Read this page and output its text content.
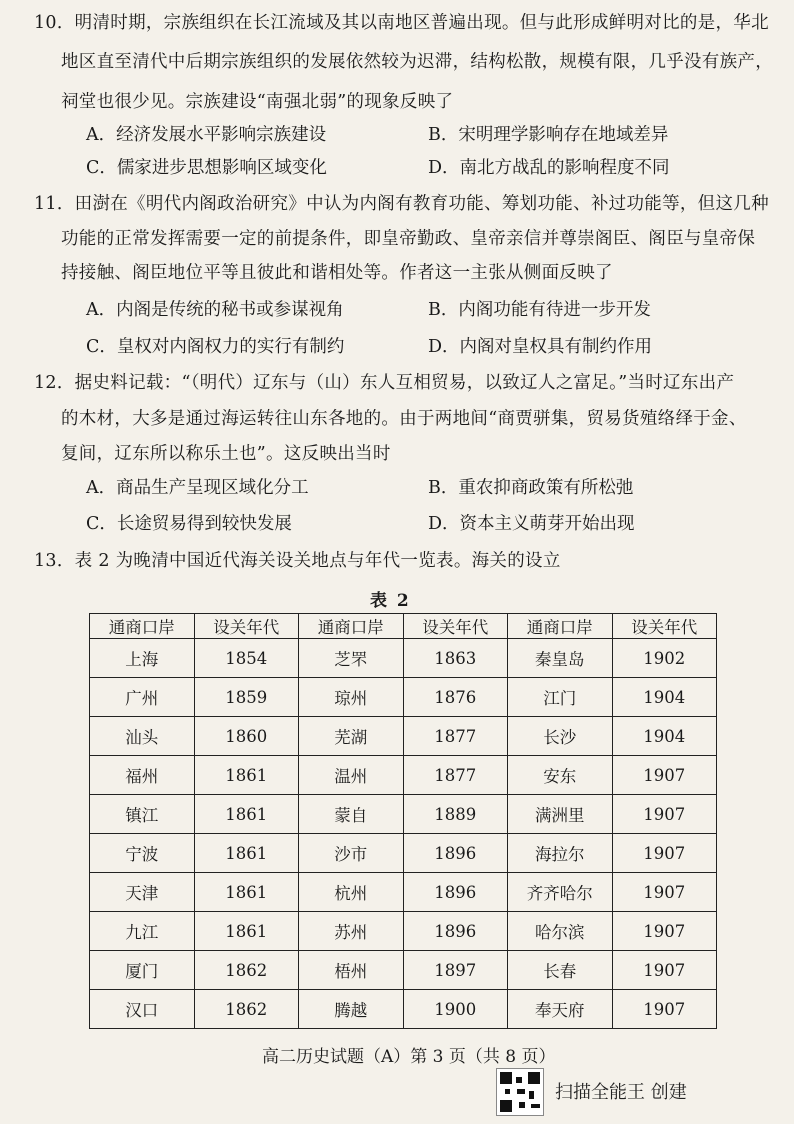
10．明清时期，宗族组织在长江流域及其以南地区普遍出现。但与此形成鲜明对比的是，华北
地区直至清代中后期宗族组织的发展依然较为迟滞，结构松散，规模有限，几乎没有族产，
祠堂也很少见。宗族建设“南强北弱”的现象反映了
A．经济发展水平影响宗族建设	B．宋明理学影响存在地域差异
C．儒家进步思想影响区域变化	D．南北方战乱的影响程度不同
11．田澍在《明代内阁政治研究》中认为内阁有教育功能、筹划功能、补过功能等，但这几种
功能的正常发挥需要一定的前提条件，即皇帝勤政、皇帝亲信并尊崇阁臣、阁臣与皇帝保
持接触、阁臣地位平等且彼此和谐相处等。作者这一主张从侧面反映了
A．内阁是传统的秘书或参谋视角	B．内阁功能有待进一步开发
C．皇权对内阁权力的实行有制约	D．内阁对皇权具有制约作用
12．据史料记载：“（明代）辽东与（山）东人互相贸易，以致辽人之富足。”当时辽东出产
的木材，大多是通过海运转往山东各地的。由于两地间“商贾骈集，贸易货殖络绎于金、
复间，辽东所以称乐土也”。这反映出当时
A．商品生产呈现区域化分工	B．重农抑商政策有所松弛
C．长途贸易得到较快发展	D．资本主义萌芽开始出现
13．表 2 为晚清中国近代海关设关地点与年代一览表。海关的设立
表 2
通商口岸	设关年代	通商口岸	设关年代	通商口岸	设关年代
上海	1854	芝罘	1863	秦皇岛	1902
广州	1859	琼州	1876	江门	1904
汕头	1860	芜湖	1877	长沙	1904
福州	1861	温州	1877	安东	1907
镇江	1861	蒙自	1889	满洲里	1907
宁波	1861	沙市	1896	海拉尔	1907
天津	1861	杭州	1896	齐齐哈尔	1907
九江	1861	苏州	1896	哈尔滨	1907
厦门	1862	梧州	1897	长春	1907
汉口	1862	腾越	1900	奉天府	1907
高二历史试题（A）第 3 页（共 8 页）
扫描全能王 创建
